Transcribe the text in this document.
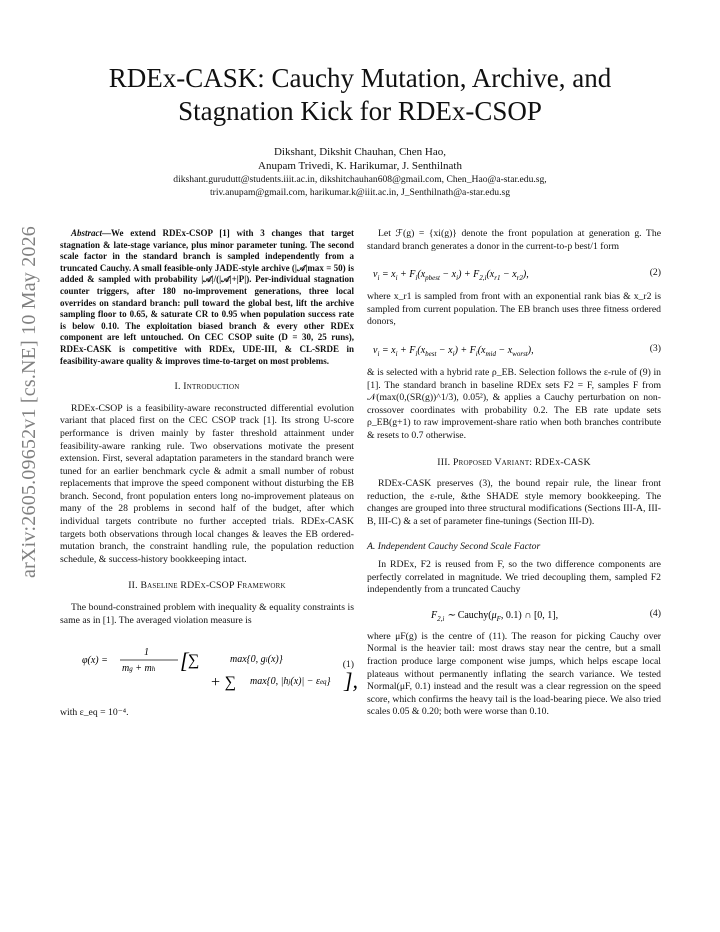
arXiv:2605.09652v1 [cs.NE] 10 May 2026
RDEx-CASK: Cauchy Mutation, Archive, and
Stagnation Kick for RDEx-CSOP
Dikshant, Dikshit Chauhan, Chen Hao,
Anupam Trivedi, K. Harikumar, J. Senthilnath
dikshant.gurudutt@students.iiit.ac.in, dikshitchauhan608@gmail.com, Chen_Hao@a-star.edu.sg,
triv.anupam@gmail.com, harikumar.k@iiit.ac.in, J_Senthilnath@a-star.edu.sg

Abstract—We extend RDEx-CSOP [1] with 3 changes that target stagnation & late-stage variance, plus minor parameter tuning. The second scale factor in the standard branch is sampled independently from a truncated Cauchy. A small feasible-only JADE-style archive (|𝒜|max = 50) is added & sampled with probability |𝒜|/(|𝒜|+|P|). Per-individual stagnation counter triggers, after 180 no-improvement generations, three local overrides on standard branch: pull toward the global best, lift the archive sampling floor to 0.65, & saturate CR to 0.95 when population success rate is below 0.10. The exploitation biased branch & every other RDEx component are left untouched. On CEC CSOP suite (D = 30, 25 runs), RDEx-CASK is competitive with RDEx, UDE-III, & CL-SRDE in feasibility-aware quality & improves time-to-target on most problems.

I. Introduction

RDEx-CSOP is a feasibility-aware reconstructed differential evolution variant that placed first on the CEC CSOP track [1]. Its strong U-score performance is driven mainly by faster threshold attainment under feasibility-aware ranking rule. Two observations motivate the present extension. First, several adaptation parameters in the standard branch were tuned for an earlier benchmark cycle & admit a small number of robust replacements that improve the speed component without disturbing the EB branch. Second, front population enters long no-improvement plateaus on many of the 28 problems in second half of the budget, after which individual targets contribute no further accepted trials. RDEx-CASK targets both observations through local changes & leaves the EB ordered-mutation branch, the constraint handling rule, the population reduction schedule, & success-history bookkeeping intact.

II. Baseline RDEx-CSOP Framework

The bound-constrained problem with inequality & equality constraints is same as in [1]. The averaged violation measure is

φ(x) =
1
mg + mh [ ∑	max{0, gi(x)}
+ ∑ max{0, |hj(x)| − εeq} ],
(1)

with ε_eq = 10⁻⁴.

Let ℱ(g) = {xi(g)} denote the front population at generation g. The standard branch generates a donor in the current-to-p best/1 form

$v_i = x_i + F_i(x_{pbest} - x_i) + F_{2,i}(x_{r1} - x_{r2})$,	(2)

where x_r1 is sampled from front with an exponential rank bias & x_r2 is sampled from current population. The EB branch uses three fitness ordered donors,

$v_i = x_i + F_i(x_{best} - x_i) + F_i(x_{mid} - x_{worst})$,	(3)

& is selected with a hybrid rate ρ_EB. Selection follows the ε-rule of (9) in [1]. The standard branch in baseline RDEx sets F2 = F, samples F from 𝒩(max(0,(SR(g))^1/3), 0.05²), & applies a Cauchy perturbation on non-crossover coordinates with probability 0.2. The EB rate update sets ρ_EB(g+1) to raw improvement-share ratio when both branches contribute & resets to 0.7 otherwise.

III. Proposed Variant: RDEx-CASK

RDEx-CASK preserves (3), the bound repair rule, the linear front reduction, the ε-rule, &the SHADE style memory bookkeeping. The changes are grouped into three structural modifications (Sections III-A, III-B, III-C) & a set of parameter fine-tunings (Section III-D).

A. Independent Cauchy Second Scale Factor

In RDEx, F2 is reused from F, so the two difference components are perfectly correlated in magnitude. We tried decoupling them, sampled F2 independently from a truncated Cauchy

$F_{2,i}$ ∼ $Cauchy(\mu_F$, 0.1) ∩ [0, 1],	(4)

where μF(g) is the centre of (11). The reason for picking Cauchy over Normal is the heavier tail: most draws stay near the centre, but a small fraction produce large component wise jumps, which helps escape local plateaus without permanently inflating the search variance. We tested Normal(μF, 0.1) instead and the result was a clear regression on the speed score, which confirms the heavy tail is the load-bearing piece. We also tried scales 0.05 & 0.20; both were worse than 0.10.
